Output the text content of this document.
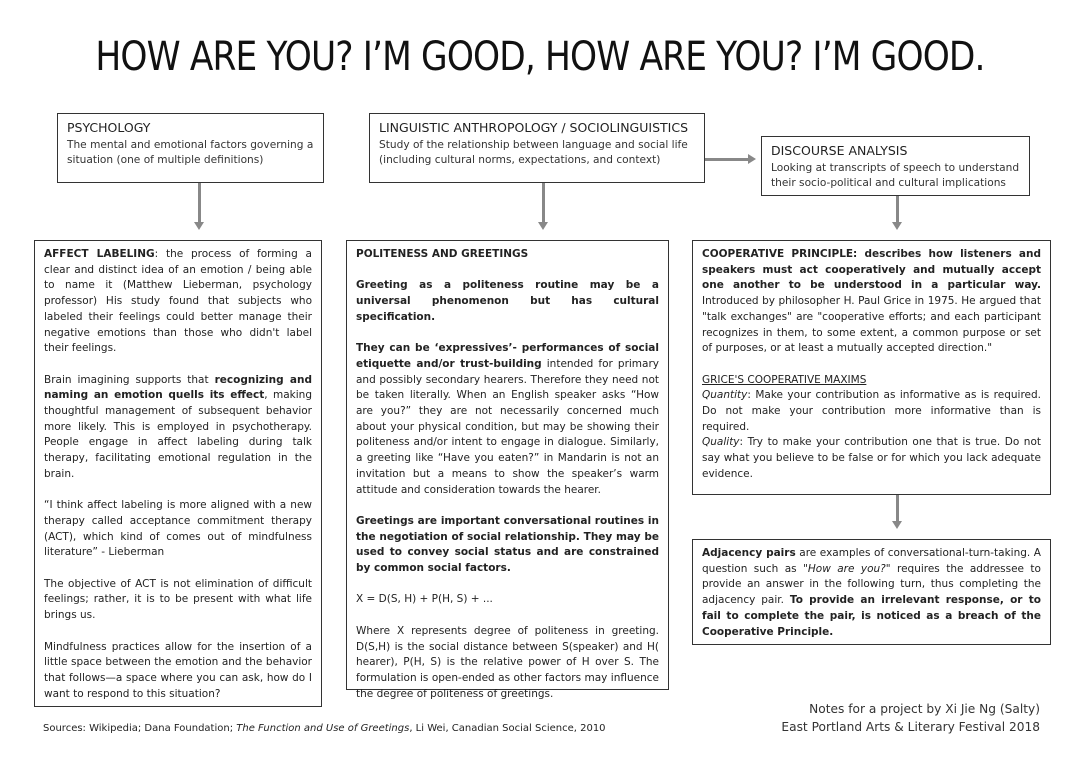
HOW ARE YOU? I’M GOOD, HOW ARE YOU? I’M GOOD.
PSYCHOLOGY
The mental and emotional factors governing a situation (one of multiple definitions)
LINGUISTIC ANTHROPOLOGY / SOCIOLINGUISTICS
Study of the relationship between language and social life (including cultural norms, expectations, and context)
DISCOURSE ANALYSIS
Looking at transcripts of speech to understand their socio-political and cultural implications

AFFECT LABELING: the process of forming a clear and distinct idea of an emotion / being able to name it (Matthew Lieberman, psychology professor) His study found that subjects who labeled their feelings could better manage their negative emotions than those who didn't label their feelings.

Brain imagining supports that recognizing and naming an emotion quells its effect, making thoughtful management of subsequent behavior more likely. This is employed in psychotherapy. People engage in affect labeling during talk therapy, facilitating emotional regulation in the brain.

“I think affect labeling is more aligned with a new therapy called acceptance commitment therapy (ACT), which kind of comes out of mindfulness literature” - Lieberman

The objective of ACT is not elimination of difficult feelings; rather, it is to be present with what life brings us.

Mindfulness practices allow for the insertion of a little space between the emotion and the behavior that follows—a space where you can ask, how do I want to respond to this situation?

POLITENESS AND GREETINGS

Greeting as a politeness routine may be a universal phenomenon but has cultural specification.

They can be ‘expressives’- performances of social etiquette and/or trust-building intended for primary and possibly secondary hearers. Therefore they need not be taken literally. When an English speaker asks “How are you?” they are not necessarily concerned much about your physical condition, but may be showing their politeness and/or intent to engage in dialogue. Similarly, a greeting like “Have you eaten?” in Mandarin is not an invitation but a means to show the speaker’s warm attitude and consideration towards the hearer.

Greetings are important conversational routines in the negotiation of social relationship. They may be used to convey social status and are constrained by common social factors.

X = D(S, H) + P(H, S) + ...

Where X represents degree of politeness in greeting. D(S,H) is the social distance between S(speaker) and H( hearer), P(H, S) is the relative power of H over S. The formulation is open-ended as other factors may influence the degree of politeness of greetings.

COOPERATIVE PRINCIPLE: describes how listeners and speakers must act cooperatively and mutually accept one another to be understood in a particular way. Introduced by philosopher H. Paul Grice in 1975. He argued that "talk exchanges" are "cooperative efforts; and each participant recognizes in them, to some extent, a common purpose or set of purposes, or at least a mutually accepted direction."

GRICE'S COOPERATIVE MAXIMS
Quantity: Make your contribution as informative as is required. Do not make your contribution more informative than is required.
Quality: Try to make your contribution one that is true. Do not say what you believe to be false or for which you lack adequate evidence.

Adjacency pairs are examples of conversational-turn-taking. A question such as "How are you?" requires the addressee to provide an answer in the following turn, thus completing the adjacency pair. To provide an irrelevant response, or to fail to complete the pair, is noticed as a breach of the Cooperative Principle.

Sources: Wikipedia; Dana Foundation; The Function and Use of Greetings, Li Wei, Canadian Social Science, 2010
Notes for a project by Xi Jie Ng (Salty)
East Portland Arts & Literary Festival 2018
